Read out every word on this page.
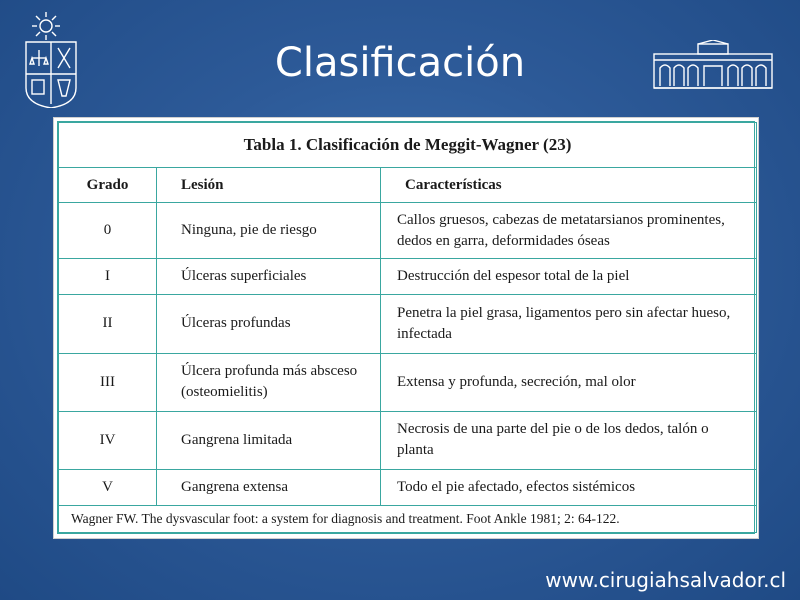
Clasificación
Tabla 1. Clasificación de Meggit-Wagner (23)		
Grado	Lesión	Características
0	Ninguna, pie de riesgo	Callos gruesos, cabezas de metatarsianos prominentes, dedos en garra, deformidades óseas
I	Úlceras superficiales	Destrucción del espesor total de la piel
II	Úlceras profundas	Penetra la piel grasa, ligamentos pero sin afectar hueso, infectada
III	Úlcera profunda más absceso (osteomielitis)	Extensa y profunda, secreción, mal olor
IV	Gangrena limitada	Necrosis de una parte del pie o de los dedos, talón o planta
V	Gangrena extensa	Todo el pie afectado, efectos sistémicos
Wagner FW. The dysvascular foot: a system for diagnosis and treatment. Foot Ankle 1981; 2: 64-122.		
www.cirugiahsalvador.cl
